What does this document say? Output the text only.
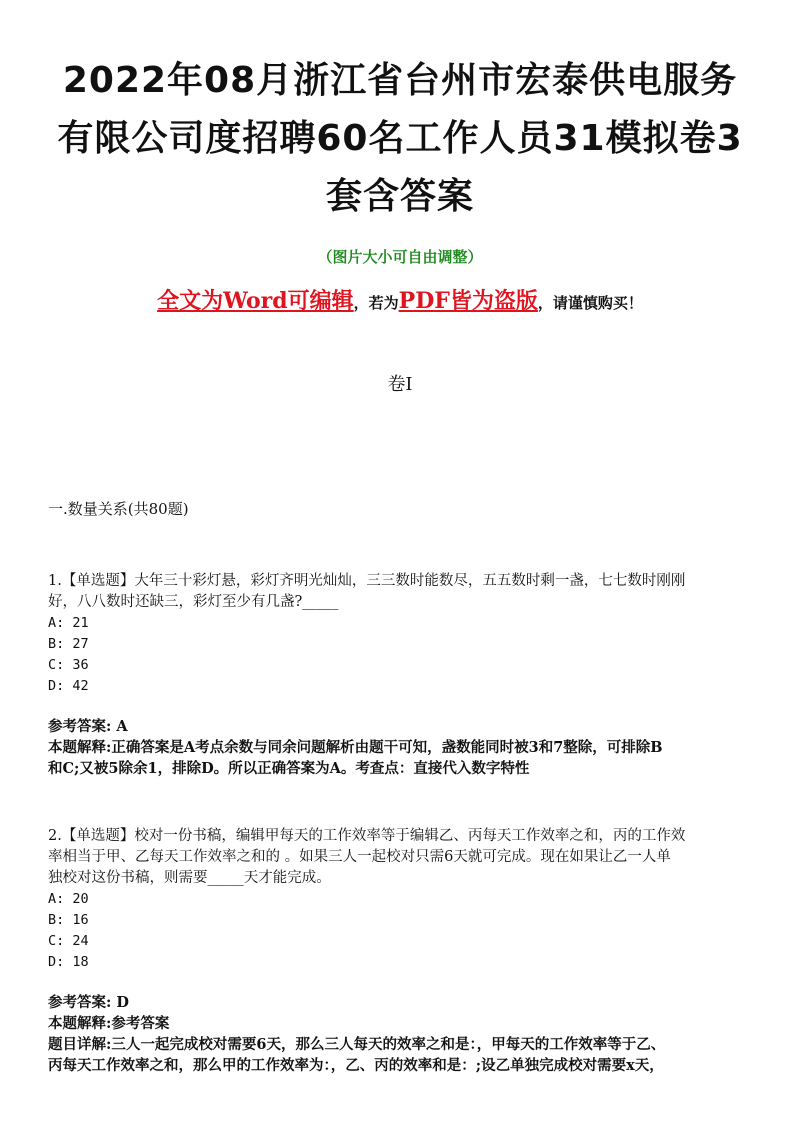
2022年08月浙江省台州市宏泰供电服务
有限公司度招聘60名工作人员31模拟卷3
套含答案
（图片大小可自由调整）
全文为Word可编辑，若为PDF皆为盗版，请谨慎购买！
卷I
一.数量关系(共80题)

1.【单选题】大年三十彩灯悬，彩灯齐明光灿灿，三三数时能数尽，五五数时剩一盏，七七数时刚刚

好，八八数时还缺三，彩灯至少有几盏?_____

A: 21

B: 27

C: 36

D: 42

参考答案: A

本题解释:正确答案是A考点余数与同余问题解析由题干可知，盏数能同时被3和7整除，可排除B

和C;又被5除余1，排除D。所以正确答案为A。考查点：直接代入数字特性

2.【单选题】校对一份书稿，编辑甲每天的工作效率等于编辑乙、丙每天工作效率之和，丙的工作效

率相当于甲、乙每天工作效率之和的 。如果三人一起校对只需6天就可完成。现在如果让乙一人单

独校对这份书稿，则需要_____天才能完成。

A: 20

B: 16

C: 24

D: 18

参考答案: D

本题解释:参考答案

题目详解:三人一起完成校对需要6天，那么三人每天的效率之和是：，甲每天的工作效率等于乙、

丙每天工作效率之和，那么甲的工作效率为：，乙、丙的效率和是：;设乙单独完成校对需要x天，
